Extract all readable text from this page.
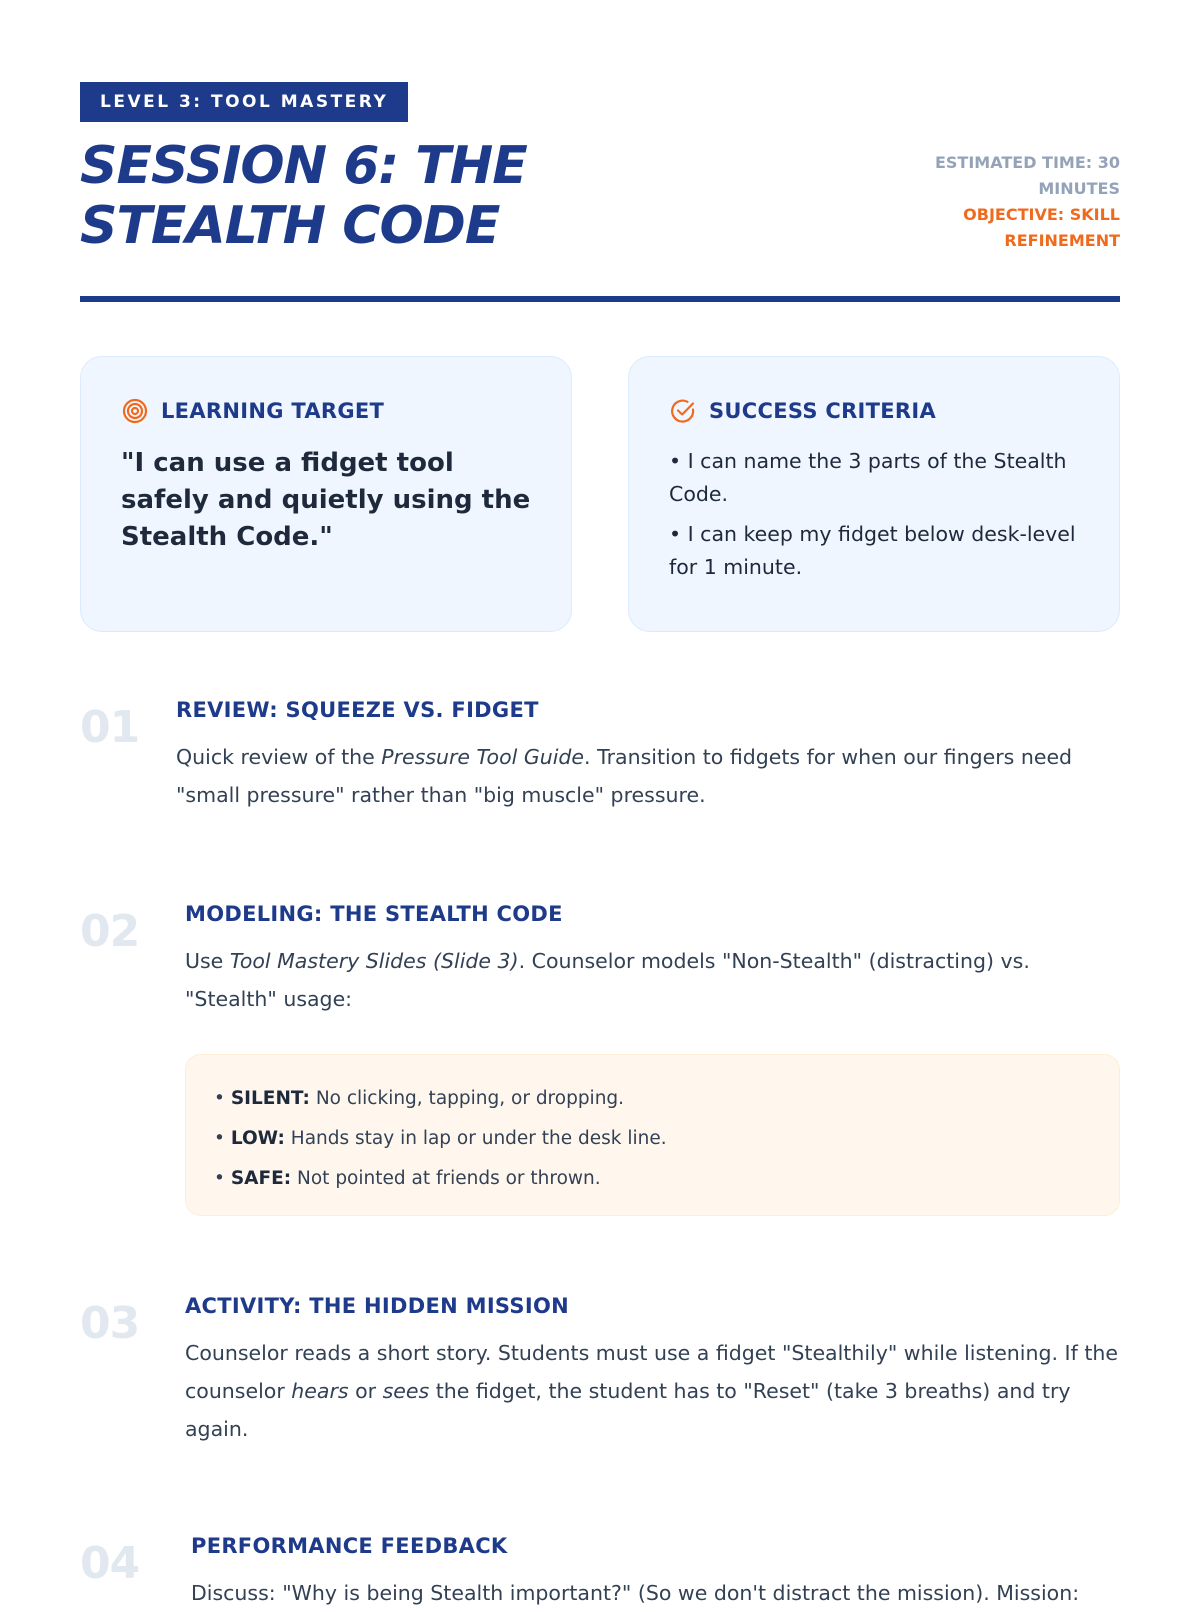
LEVEL 3: TOOL MASTERY
SESSION 6: THE STEALTH CODE
ESTIMATED TIME: 30 MINUTES
OBJECTIVE: SKILL REFINEMENT
LEARNING TARGET

"I can use a fidget tool safely and quietly using the Stealth Code."

SUCCESS CRITERIA
• I can name the 3 parts of the Stealth Code.
• I can keep my fidget below desk-level for 1 minute.
01 REVIEW: SQUEEZE VS. FIDGET

Quick review of the Pressure Tool Guide. Transition to fidgets for when our fingers need "small pressure" rather than "big muscle" pressure.

02 MODELING: THE STEALTH CODE

Use Tool Mastery Slides (Slide 3). Counselor models "Non-Stealth" (distracting) vs. "Stealth" usage:

• SILENT: No clicking, tapping, or dropping.
• LOW: Hands stay in lap or under the desk line.
• SAFE: Not pointed at friends or thrown.
03 ACTIVITY: THE HIDDEN MISSION

Counselor reads a short story. Students must use a fidget "Stealthily" while listening. If the counselor hears or sees the fidget, the student has to "Reset" (take 3 breaths) and try again.

04 PERFORMANCE FEEDBACK

Discuss: "Why is being Stealth important?" (So we don't distract the mission). Mission:
